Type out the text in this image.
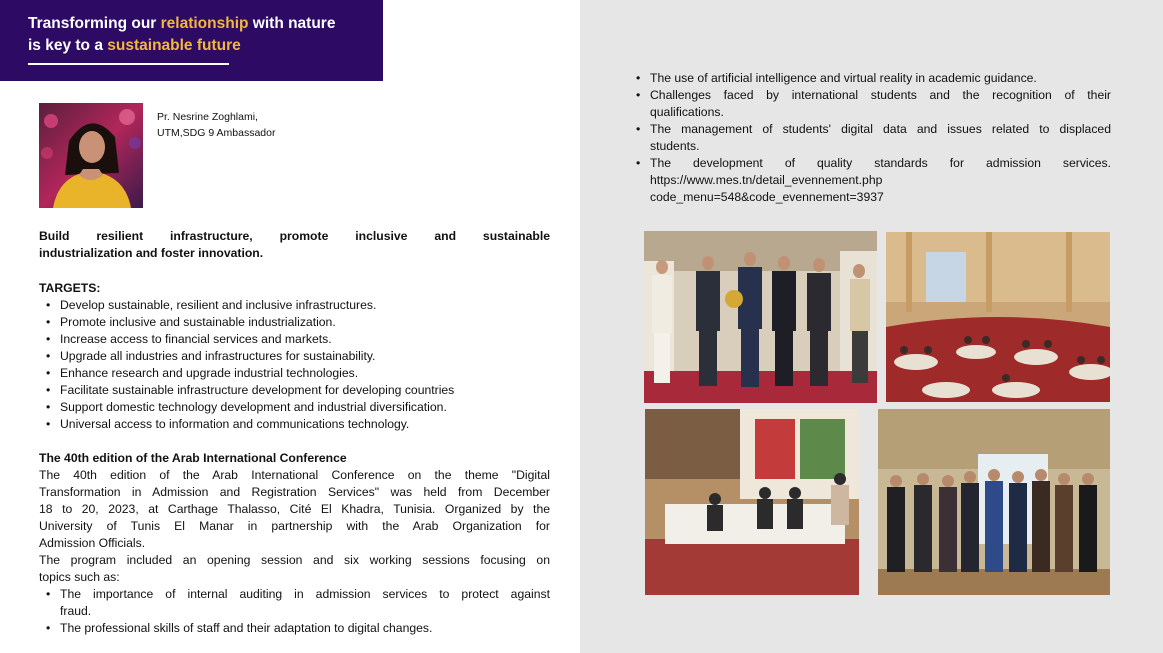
Transforming our relationship with nature
is key to a sustainable future
Pr. Nesrine Zoghlami,
UTM,SDG 9 Ambassador
Build resilient infrastructure, promote inclusive and sustainable
industrialization and foster innovation.
TARGETS:
• Develop sustainable, resilient and inclusive infrastructures.
• Promote inclusive and sustainable industrialization.
• Increase access to financial services and markets.
• Upgrade all industries and infrastructures for sustainability.
• Enhance research and upgrade industrial technologies.
• Facilitate sustainable infrastructure development for developing countries
• Support domestic technology development and industrial diversification.
• Universal access to information and communications technology.
The 40th edition of the Arab International Conference
The 40th edition of the Arab International Conference on the theme "Digital
Transformation in Admission and Registration Services" was held from December
18 to 20, 2023, at Carthage Thalasso, Cité El Khadra, Tunisia. Organized by the
University of Tunis El Manar in partnership with the Arab Organization for
Admission Officials.
The program included an opening session and six working sessions focusing on
topics such as:
• The importance of internal auditing in admission services to protect against
fraud.
• The professional skills of staff and their adaptation to digital changes.
• The use of artificial intelligence and virtual reality in academic guidance.
• Challenges faced by international students and the recognition of their
qualifications.
• The management of students' digital data and issues related to displaced
students.
• The development of quality standards for admission services.
https://www.mes.tn/detail_evennement.php
code_menu=548&code_evennement=3937
